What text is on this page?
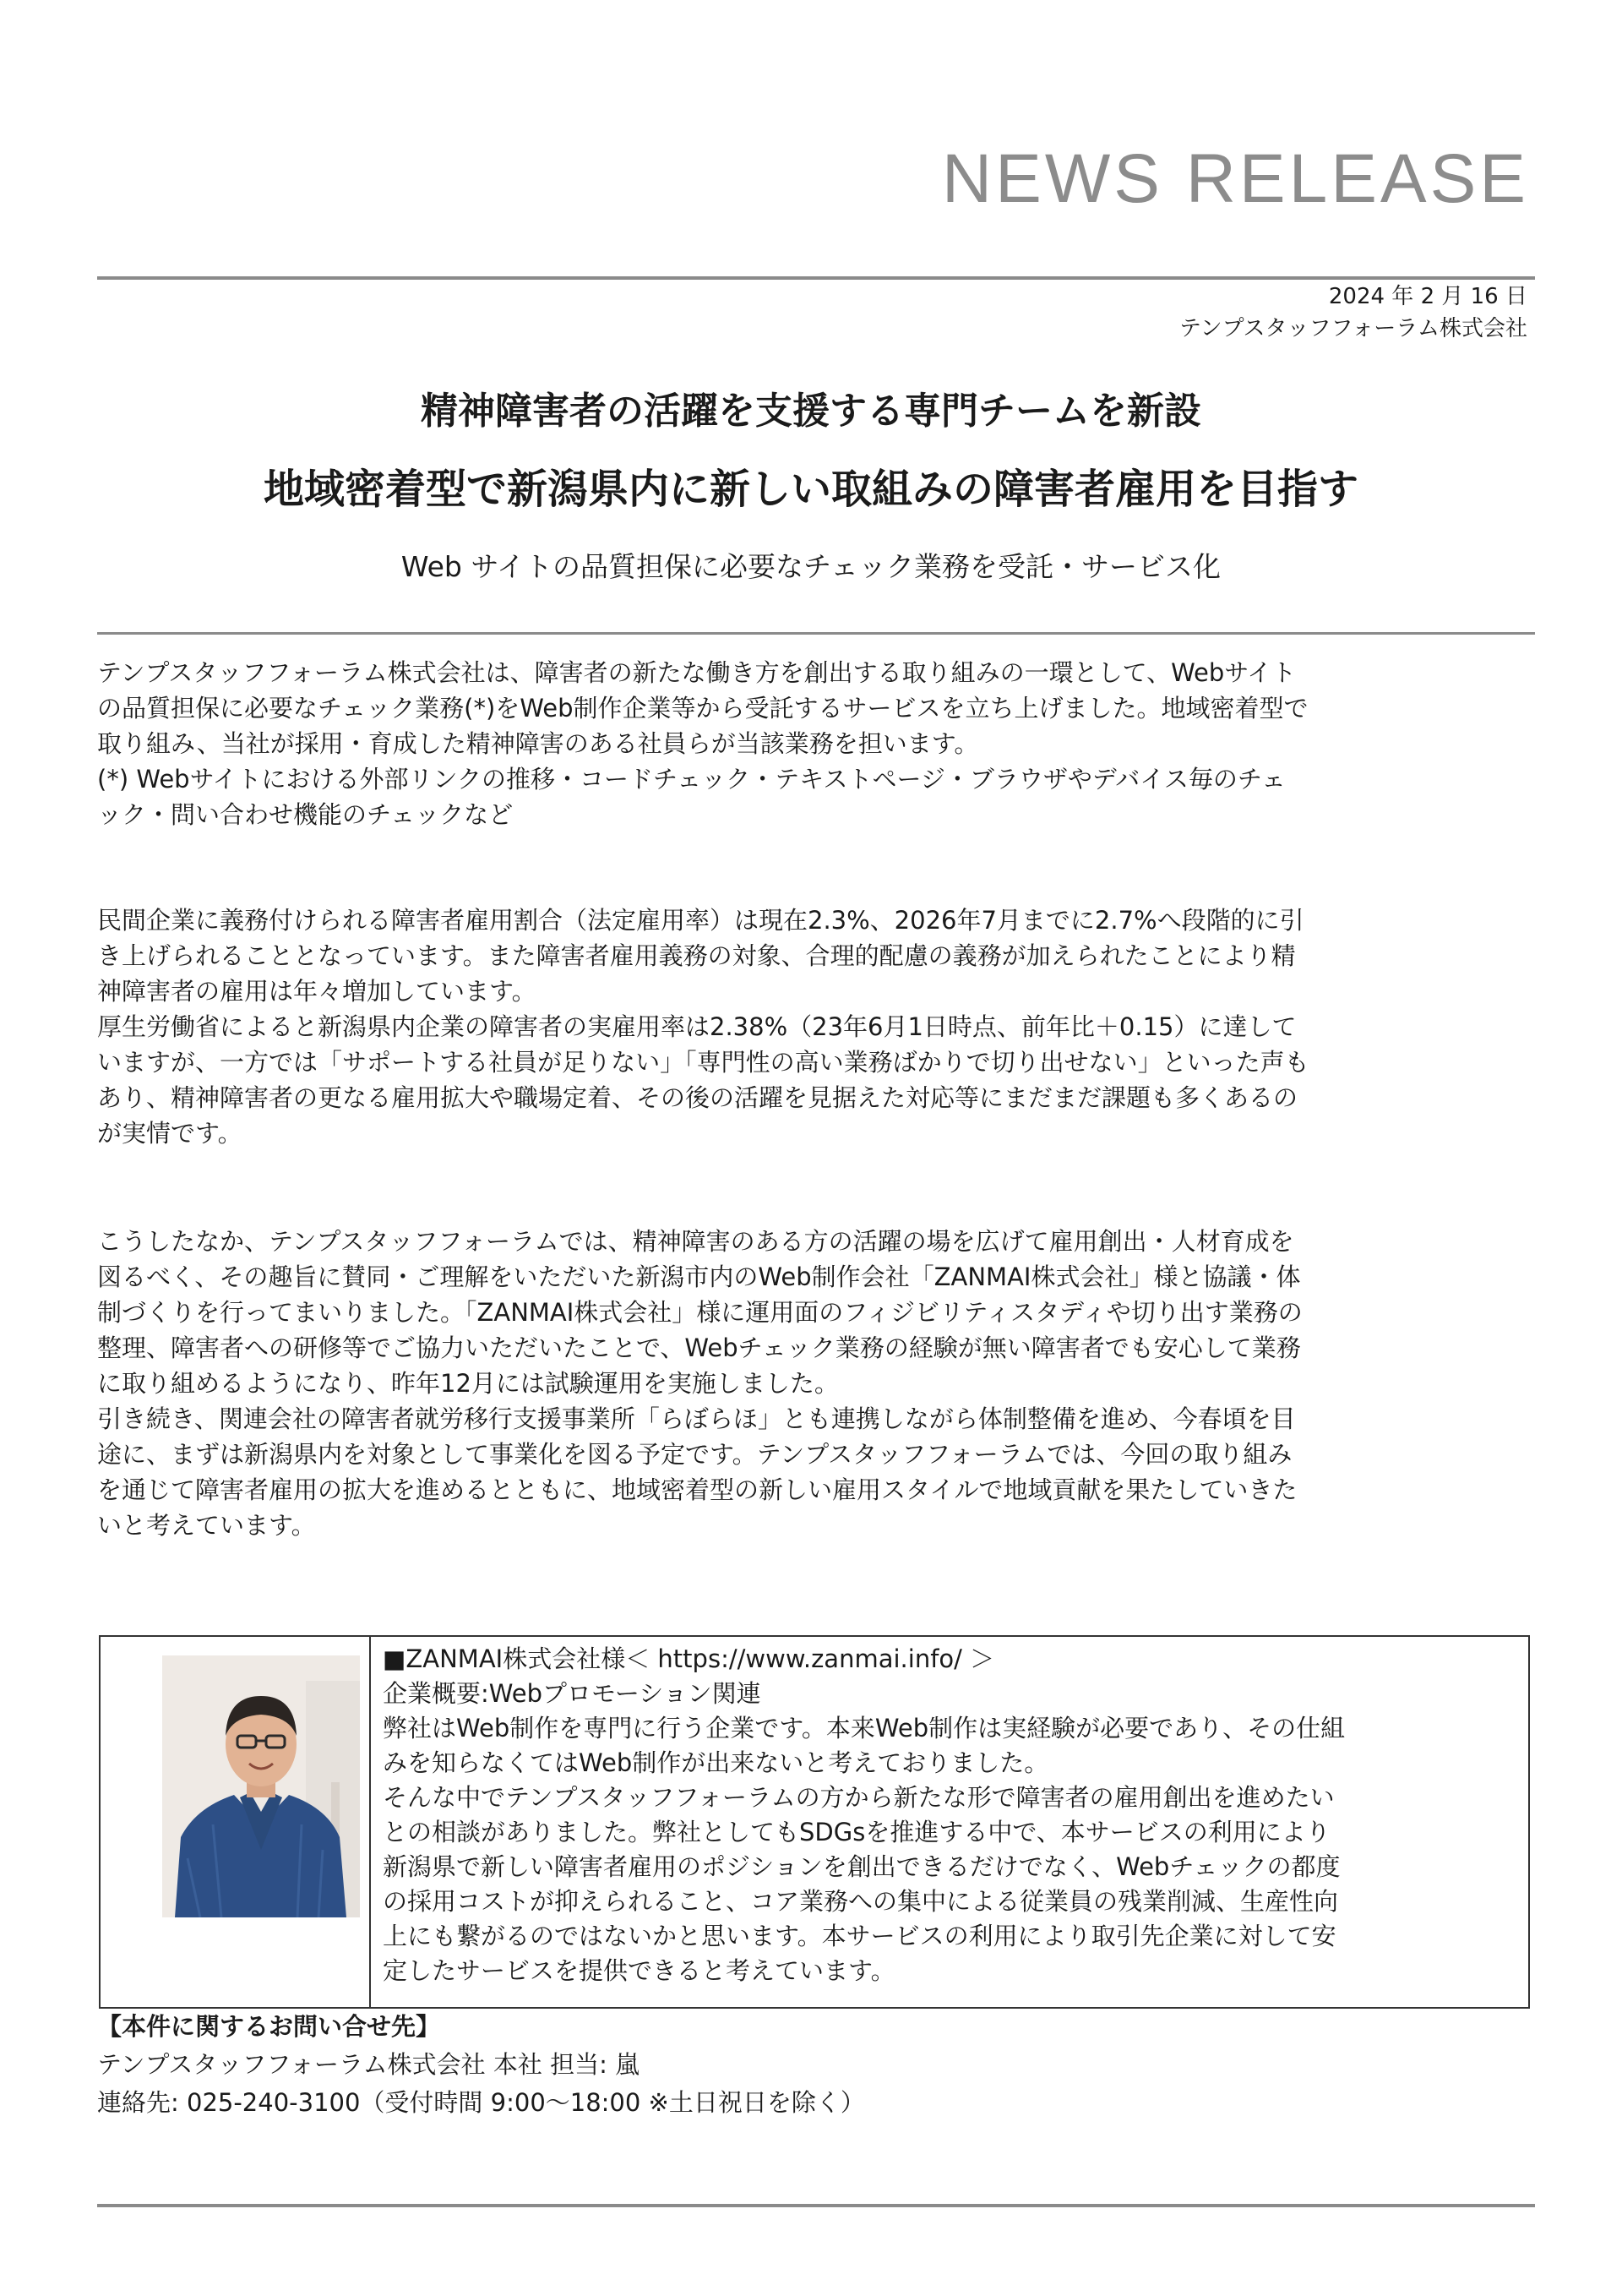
NEWS RELEASE
2024 年 2 月 16 日
テンプスタッフフォーラム株式会社
精神障害者の活躍を支援する専門チームを新設
地域密着型で新潟県内に新しい取組みの障害者雇用を目指す
Web サイトの品質担保に必要なチェック業務を受託・サービス化

テンプスタッフフォーラム株式会社は、障害者の新たな働き方を創出する取り組みの一環として、Webサイト

の品質担保に必要なチェック業務(*)をWeb制作企業等から受託するサービスを立ち上げました。地域密着型で

取り組み、当社が採用・育成した精神障害のある社員らが当該業務を担います。

(*) Webサイトにおける外部リンクの推移・コードチェック・テキストページ・ブラウザやデバイス毎のチェ

ック・問い合わせ機能のチェックなど

民間企業に義務付けられる障害者雇用割合（法定雇用率）は現在2.3%、2026年7月までに2.7%へ段階的に引

き上げられることとなっています。また障害者雇用義務の対象、合理的配慮の義務が加えられたことにより精

神障害者の雇用は年々増加しています。

厚生労働省によると新潟県内企業の障害者の実雇用率は2.38%（23年6月1日時点、前年比＋0.15）に達して

いますが、一方では「サポートする社員が足りない」「専門性の高い業務ばかりで切り出せない」といった声も

あり、精神障害者の更なる雇用拡大や職場定着、その後の活躍を見据えた対応等にまだまだ課題も多くあるの

が実情です。

こうしたなか、テンプスタッフフォーラムでは、精神障害のある方の活躍の場を広げて雇用創出・人材育成を

図るべく、その趣旨に賛同・ご理解をいただいた新潟市内のWeb制作会社「ZANMAI株式会社」様と協議・体

制づくりを行ってまいりました。「ZANMAI株式会社」様に運用面のフィジビリティスタディや切り出す業務の

整理、障害者への研修等でご協力いただいたことで、Webチェック業務の経験が無い障害者でも安心して業務

に取り組めるようになり、昨年12月には試験運用を実施しました。

引き続き、関連会社の障害者就労移行支援事業所「らぼらほ」とも連携しながら体制整備を進め、今春頃を目

途に、まずは新潟県内を対象として事業化を図る予定です。テンプスタッフフォーラムでは、今回の取り組み

を通じて障害者雇用の拡大を進めるとともに、地域密着型の新しい雇用スタイルで地域貢献を果たしていきた

いと考えています。

■ZANMAI株式会社様＜ https://www.zanmai.info/ ＞

企業概要:Webプロモーション関連

弊社はWeb制作を専門に行う企業です。本来Web制作は実経験が必要であり、その仕組

みを知らなくてはWeb制作が出来ないと考えておりました。

そんな中でテンプスタッフフォーラムの方から新たな形で障害者の雇用創出を進めたい

との相談がありました。弊社としてもSDGsを推進する中で、本サービスの利用により

新潟県で新しい障害者雇用のポジションを創出できるだけでなく、Webチェックの都度

の採用コストが抑えられること、コア業務への集中による従業員の残業削減、生産性向

上にも繋がるのではないかと思います。本サービスの利用により取引先企業に対して安

定したサービスを提供できると考えています。

【本件に関するお問い合せ先】

テンプスタッフフォーラム株式会社 本社 担当: 嵐

連絡先: 025-240-3100（受付時間 9:00〜18:00 ※土日祝日を除く）
